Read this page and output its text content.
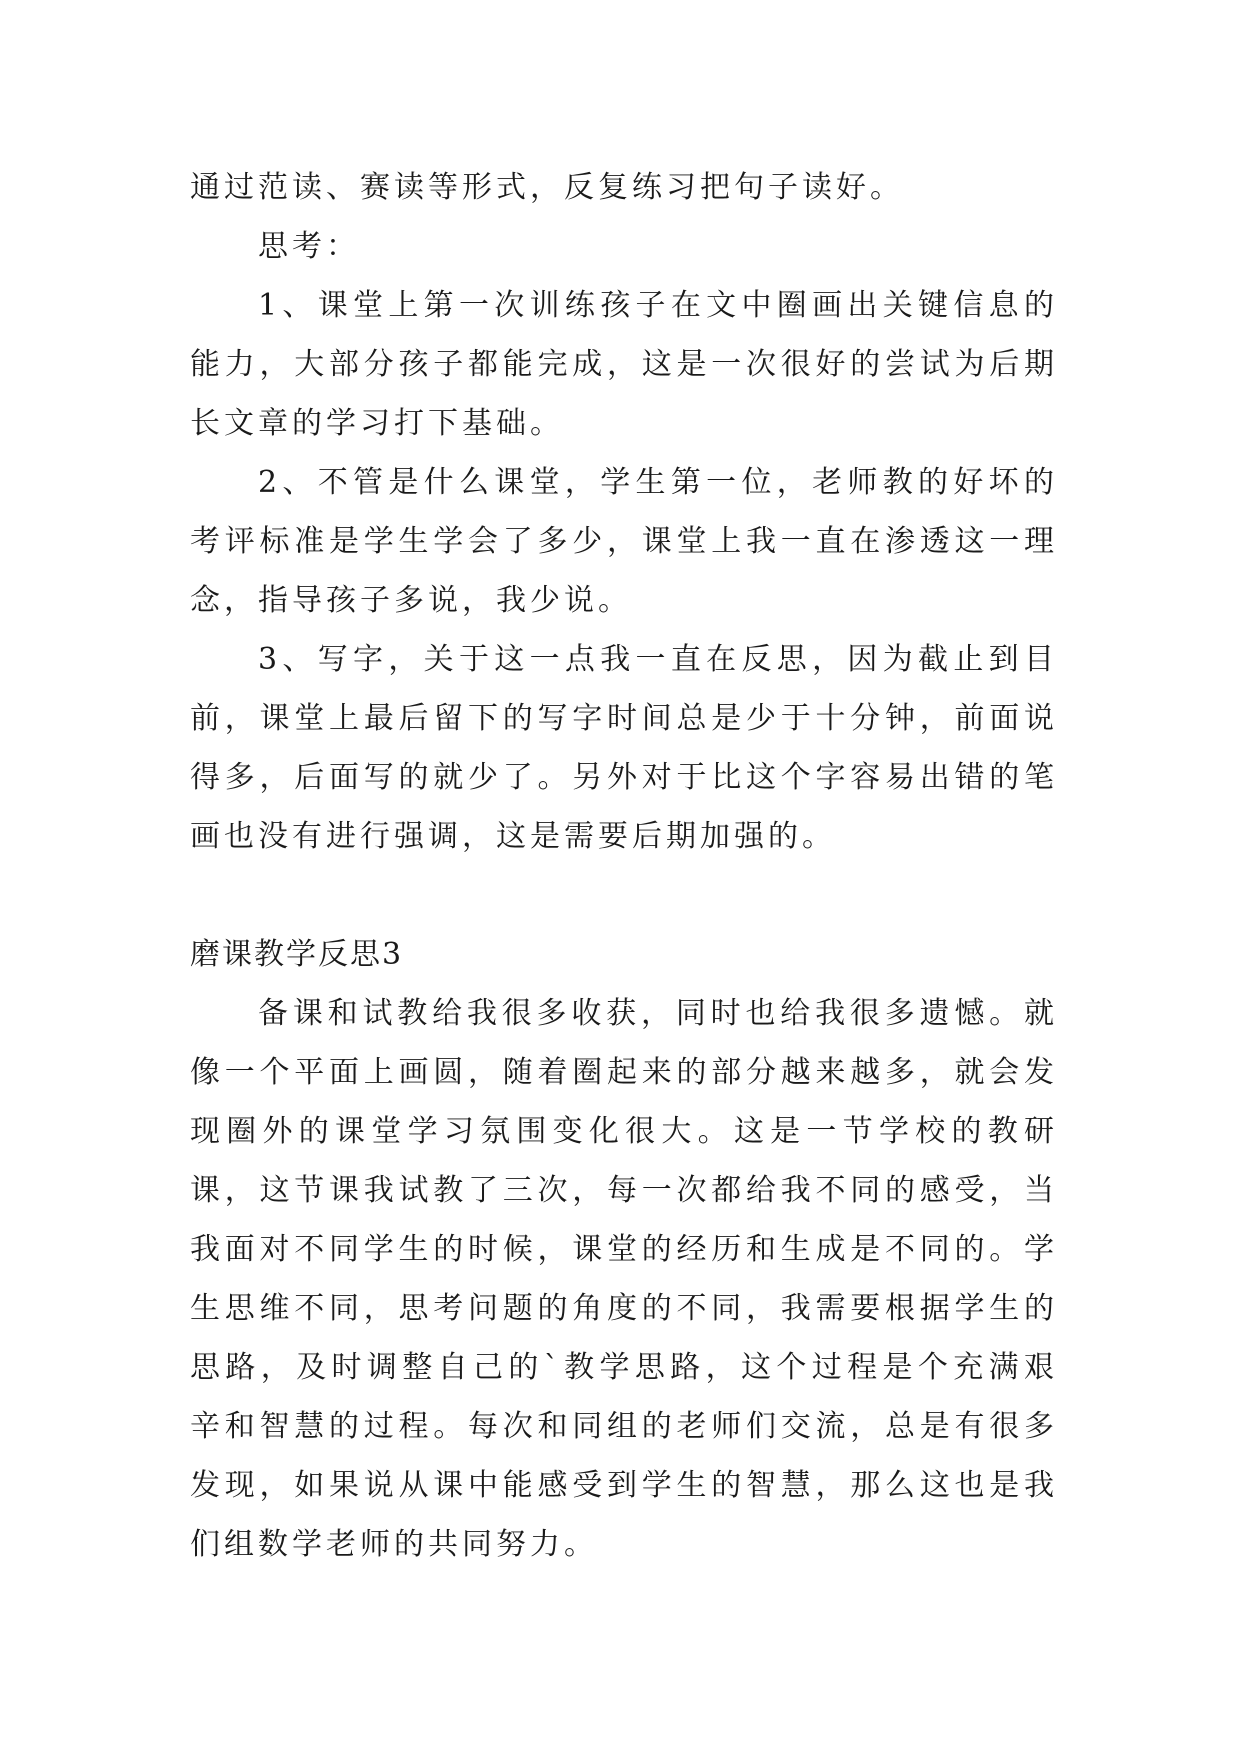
通过范读、赛读等形式，反复练习把句子读好。

思考：

1、课堂上第一次训练孩子在文中圈画出关键信息的能力，大部分孩子都能完成，这是一次很好的尝试为后期长文章的学习打下基础。

2、不管是什么课堂，学生第一位，老师教的好坏的考评标准是学生学会了多少，课堂上我一直在渗透这一理念，指导孩子多说，我少说。

3、写字，关于这一点我一直在反思，因为截止到目前，课堂上最后留下的写字时间总是少于十分钟，前面说得多，后面写的就少了。另外对于比这个字容易出错的笔画也没有进行强调，这是需要后期加强的。

磨课教学反思3

备课和试教给我很多收获，同时也给我很多遗憾。就像一个平面上画圆，随着圈起来的部分越来越多，就会发现圈外的课堂学习氛围变化很大。这是一节学校的教研课，这节课我试教了三次，每一次都给我不同的感受，当我面对不同学生的时候，课堂的经历和生成是不同的。学生思维不同，思考问题的角度的不同，我需要根据学生的思路，及时调整自己的`教学思路，这个过程是个充满艰辛和智慧的过程。每次和同组的老师们交流，总是有很多发现，如果说从课中能感受到学生的智慧，那么这也是我们组数学老师的共同努力。
